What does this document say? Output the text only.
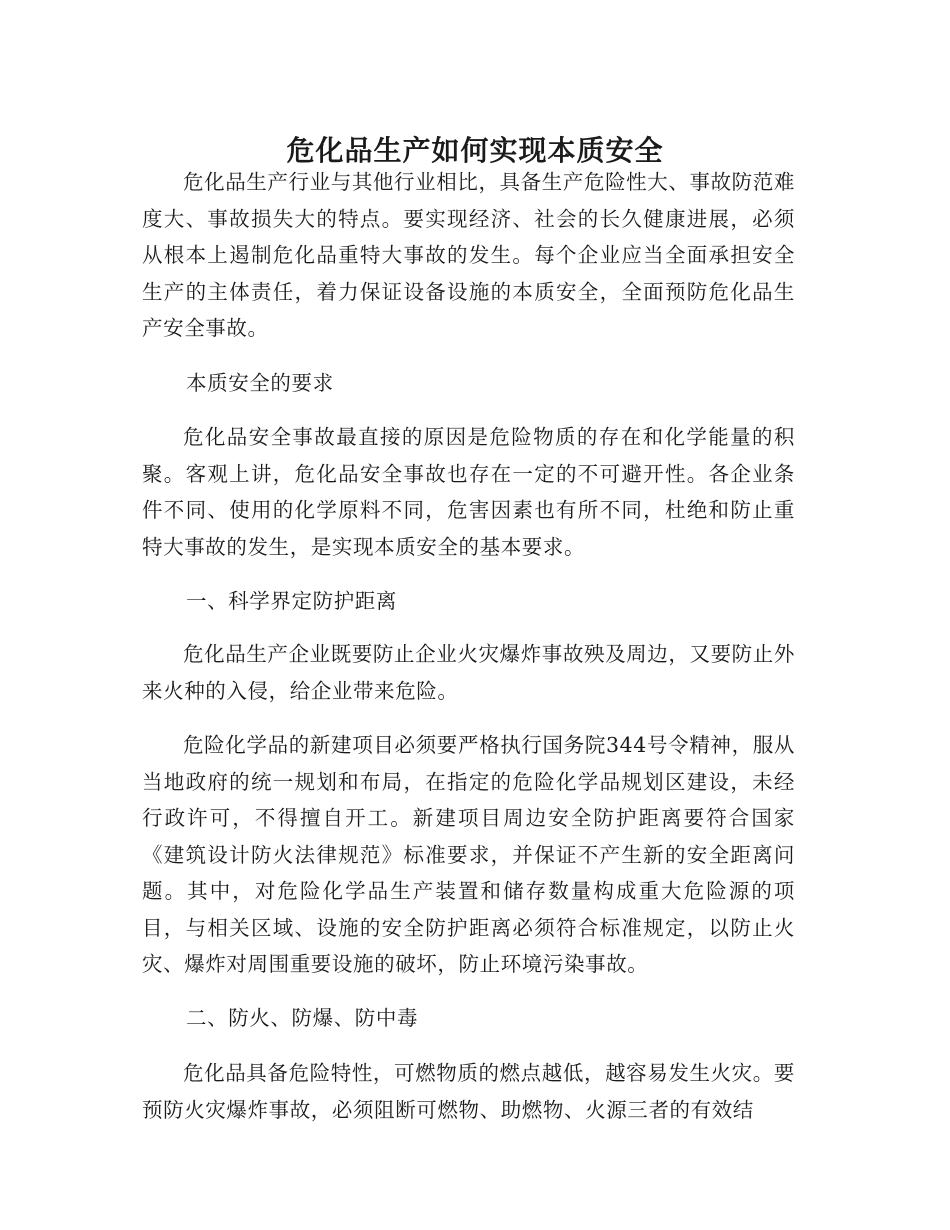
危化品生产如何实现本质安全

危化品生产行业与其他行业相比，具备生产危险性大、事故防范难度大、事故损失大的特点。要实现经济、社会的长久健康进展，必须从根本上遏制危化品重特大事故的发生。每个企业应当全面承担安全生产的主体责任，着力保证设备设施的本质安全，全面预防危化品生产安全事故。

本质安全的要求

危化品安全事故最直接的原因是危险物质的存在和化学能量的积聚。客观上讲，危化品安全事故也存在一定的不可避开性。各企业条件不同、使用的化学原料不同，危害因素也有所不同，杜绝和防止重特大事故的发生，是实现本质安全的基本要求。

一、科学界定防护距离

危化品生产企业既要防止企业火灾爆炸事故殃及周边，又要防止外来火种的入侵，给企业带来危险。

危险化学品的新建项目必须要严格执行国务院344号令精神，服从当地政府的统一规划和布局，在指定的危险化学品规划区建设，未经行政许可，不得擅自开工。新建项目周边安全防护距离要符合国家《建筑设计防火法律规范》标准要求，并保证不产生新的安全距离问题。其中，对危险化学品生产装置和储存数量构成重大危险源的项目，与相关区域、设施的安全防护距离必须符合标准规定，以防止火灾、爆炸对周围重要设施的破坏，防止环境污染事故。

二、防火、防爆、防中毒

危化品具备危险特性，可燃物质的燃点越低，越容易发生火灾。要预防火灾爆炸事故，必须阻断可燃物、助燃物、火源三者的有效结
